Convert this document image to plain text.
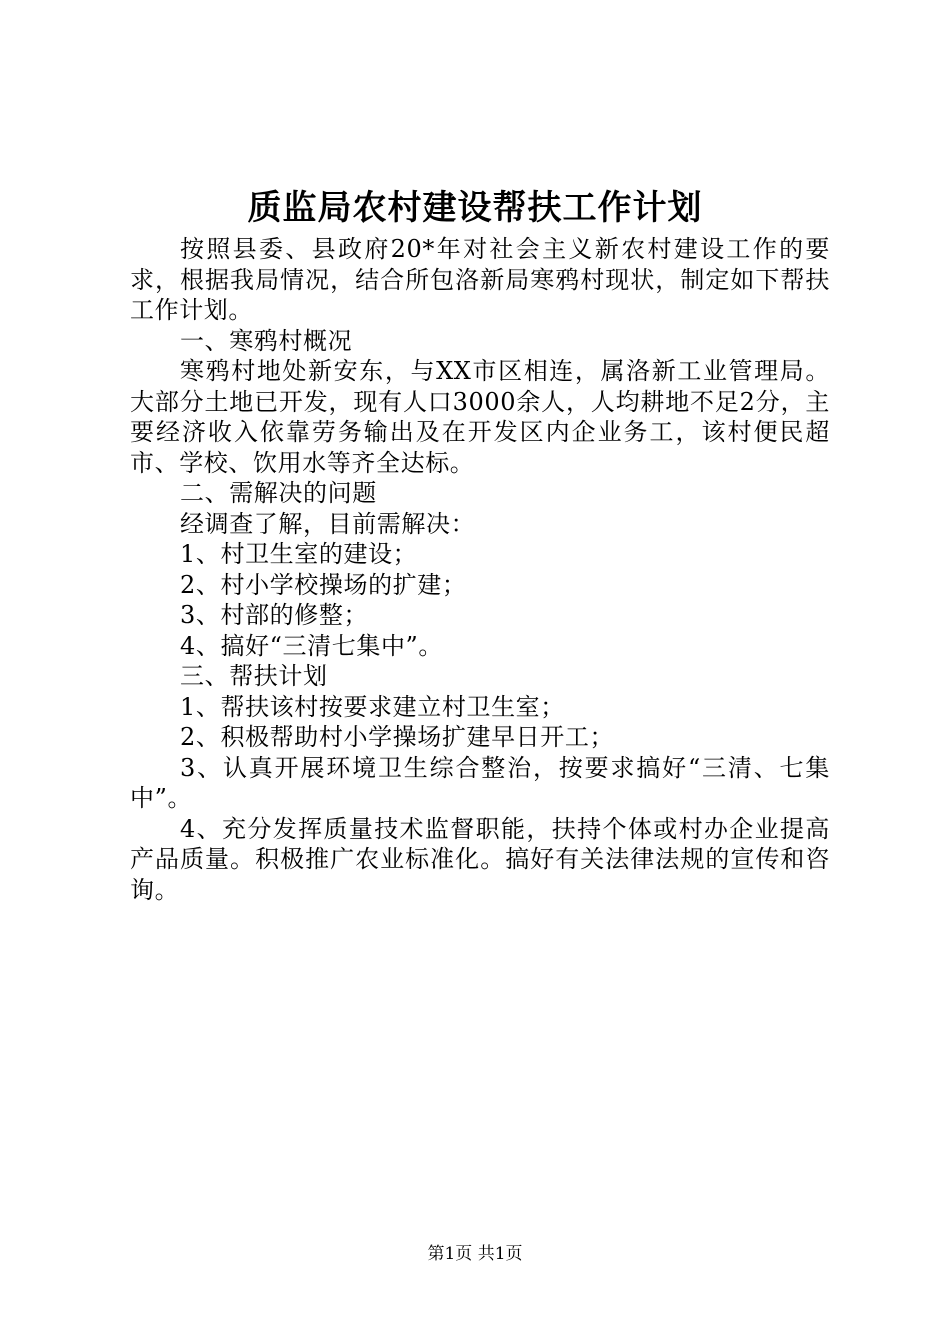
质监局农村建设帮扶工作计划

按照县委、县政府20*年对社会主义新农村建设工作的要求，根据我局情况，结合所包洛新局寒鸦村现状，制定如下帮扶工作计划。

一、寒鸦村概况

寒鸦村地处新安东，与XX市区相连，属洛新工业管理局。大部分土地已开发，现有人口3000余人，人均耕地不足2分，主要经济收入依靠劳务输出及在开发区内企业务工，该村便民超市、学校、饮用水等齐全达标。

二、需解决的问题

经调查了解，目前需解决：

1、村卫生室的建设；

2、村小学校操场的扩建；

3、村部的修整；

4、搞好“三清七集中”。

三、帮扶计划

1、帮扶该村按要求建立村卫生室；

2、积极帮助村小学操场扩建早日开工；

3、认真开展环境卫生综合整治，按要求搞好“三清、七集中”。

4、充分发挥质量技术监督职能，扶持个体或村办企业提高产品质量。积极推广农业标准化。搞好有关法律法规的宣传和咨询。

第1页 共1页
